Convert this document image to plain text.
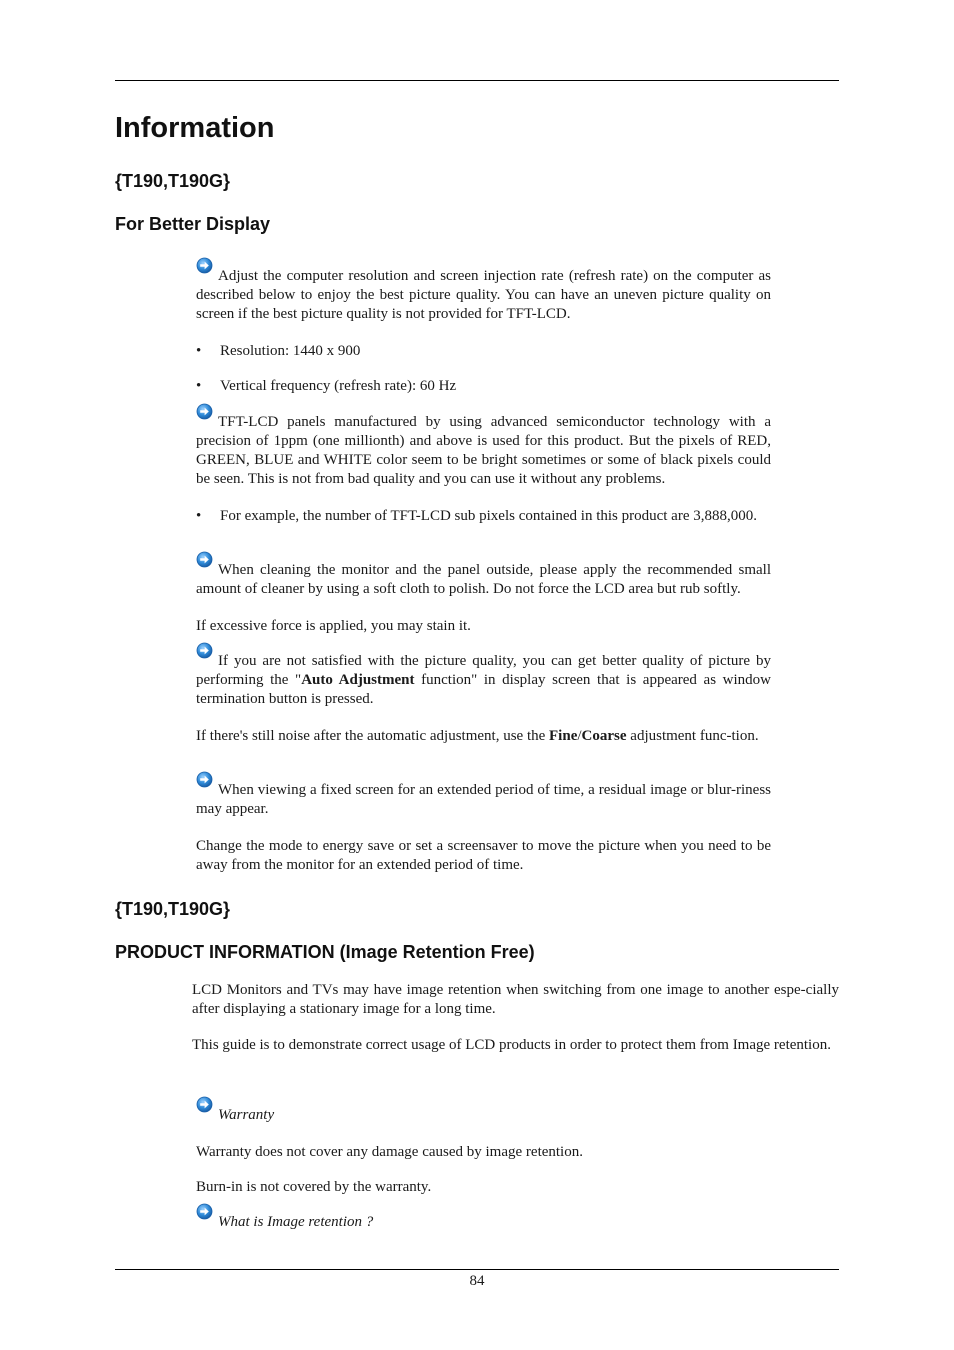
Information
{T190,T190G}
For Better Display

Adjust the computer resolution and screen injection rate (refresh rate) on the computer as described below to enjoy the best picture quality. You can have an uneven picture quality on screen if the best picture quality is not provided for TFT-LCD.

•	Resolution: 1440 x 900
•	Vertical frequency (refresh rate): 60 Hz

TFT-LCD panels manufactured by using advanced semiconductor technology with a precision of 1ppm (one millionth) and above is used for this product. But the pixels of RED, GREEN, BLUE and WHITE color seem to be bright sometimes or some of black pixels could be seen. This is not from bad quality and you can use it without any problems.

•	For example, the number of TFT-LCD sub pixels contained in this product are 3,888,000.

When cleaning the monitor and the panel outside, please apply the recommended small amount of cleaner by using a soft cloth to polish. Do not force the LCD area but rub softly.

If excessive force is applied, you may stain it.

If you are not satisfied with the picture quality, you can get better quality of picture by performing the "Auto Adjustment function" in display screen that is appeared as window termination button is pressed.

If there's still noise after the automatic adjustment, use the Fine/Coarse adjustment func-tion.

When viewing a fixed screen for an extended period of time, a residual image or blur-riness may appear.

Change the mode to energy save or set a screensaver to move the picture when you need to be away from the monitor for an extended period of time.

{T190,T190G}
PRODUCT INFORMATION (Image Retention Free)

LCD Monitors and TVs may have image retention when switching from one image to another espe-cially after displaying a stationary image for a long time.

This guide is to demonstrate correct usage of LCD products in order to protect them from Image retention.

Warranty

Warranty does not cover any damage caused by image retention.

Burn-in is not covered by the warranty.

What is Image retention ?

84
